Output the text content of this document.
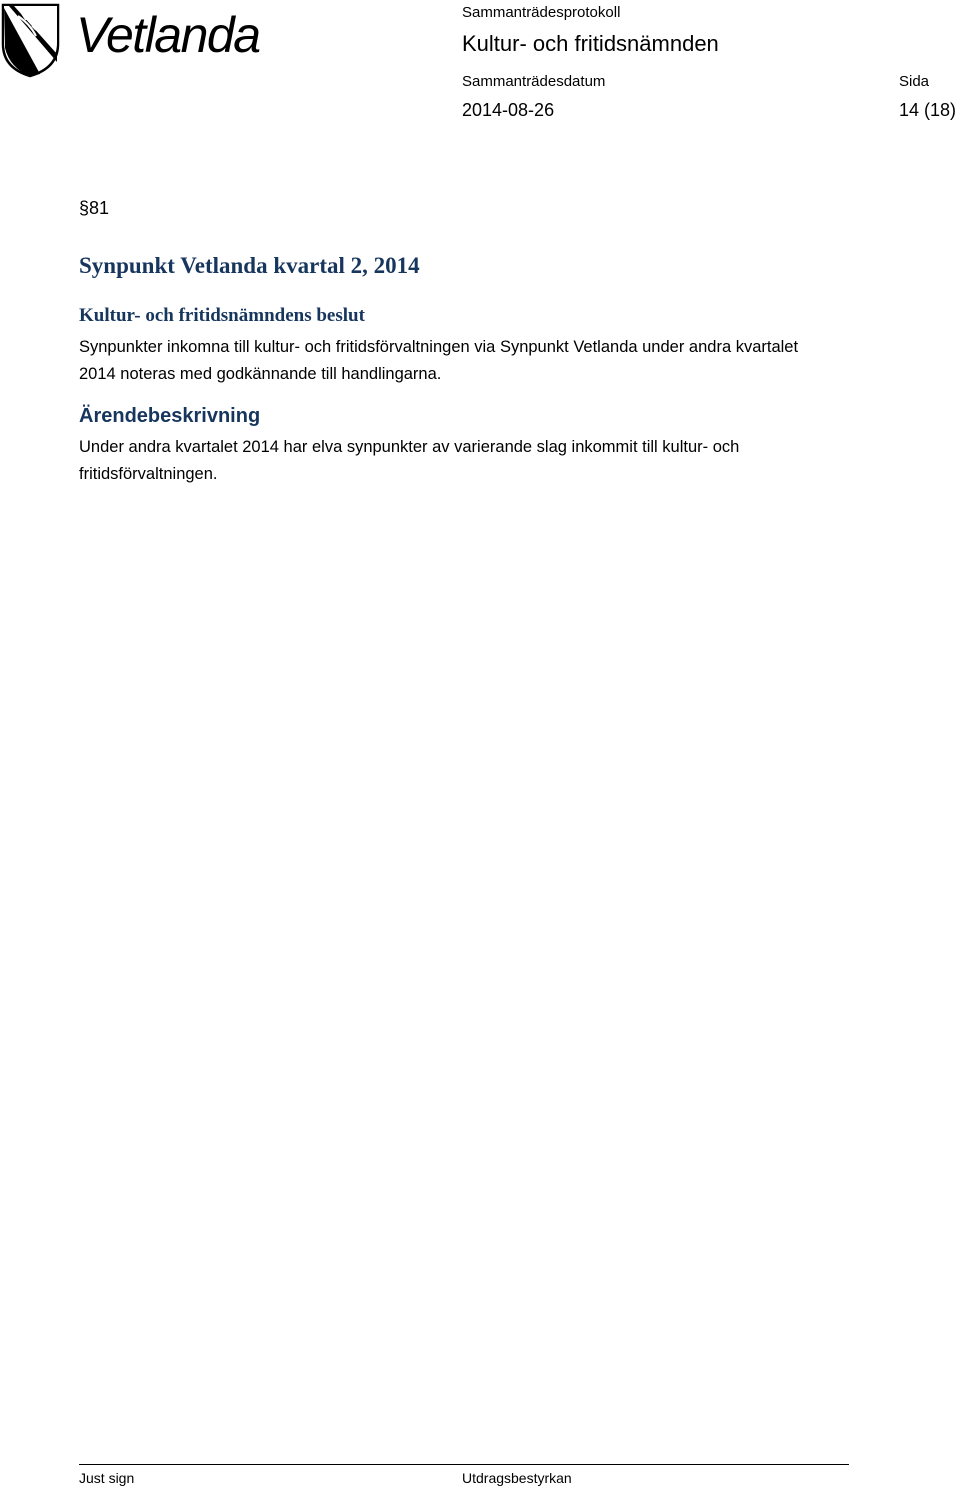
Vetlanda	Sammanträdesprotokoll
Kultur- och fritidsnämnden
Sammanträdesdatum	Sida
2014-08-26	14 (18)

§81

Synpunkt Vetlanda kvartal 2, 2014
Kultur- och fritidsnämndens beslut

Synpunkter inkomna till kultur- och fritidsförvaltningen via Synpunkt Vetlanda under andra kvartalet 2014 noteras med godkännande till handlingarna.

Ärendebeskrivning

Under andra kvartalet 2014 har elva synpunkter av varierande slag inkommit till kultur- och fritidsförvaltningen.

Just sign	Utdragsbestyrkan
